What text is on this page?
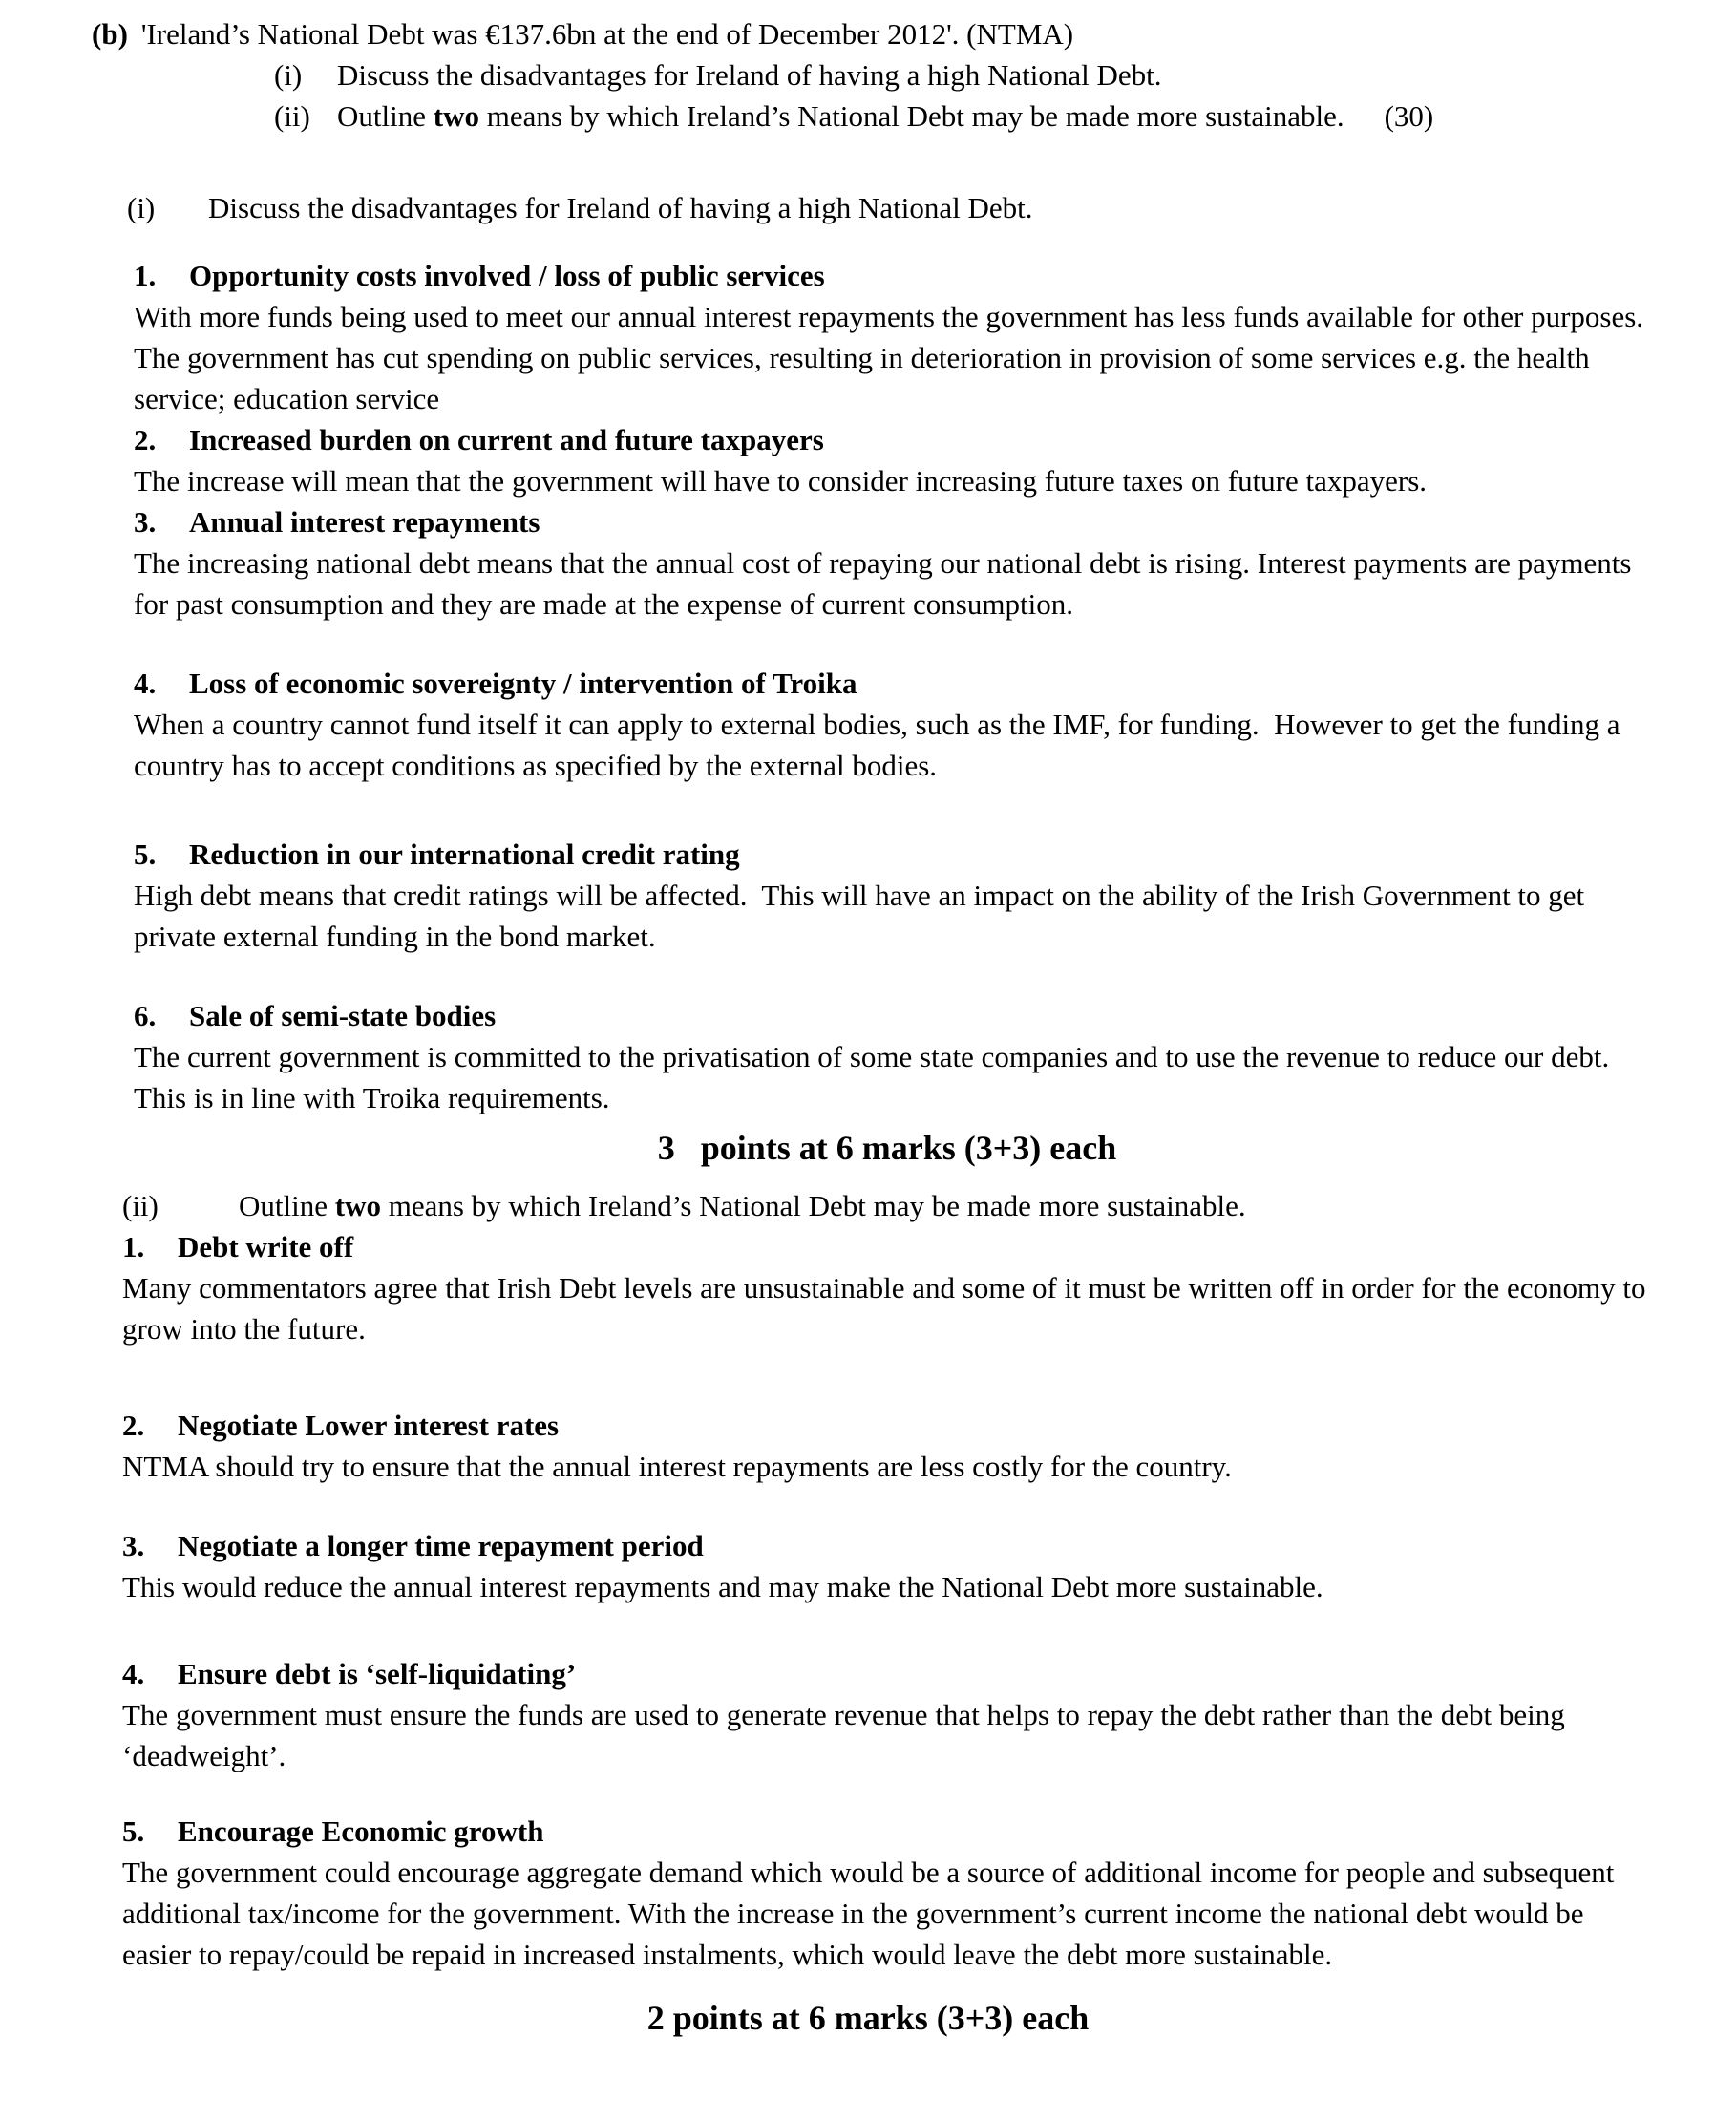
(b) 'Ireland’s National Debt was €137.6bn at the end of December 2012'. (NTMA)
(i)	Discuss the disadvantages for Ireland of having a high National Debt.
(ii) Outline two means by which Ireland’s National Debt may be made more sustainable. (30)
(i)	Discuss the disadvantages for Ireland of having a high National Debt.
1. Opportunity costs involved / loss of public services

With more funds being used to meet our annual interest repayments the government has less funds available for other purposes. The government has cut spending on public services, resulting in deterioration in provision of some services e.g. the health service; education service

2. Increased burden on current and future taxpayers

The increase will mean that the government will have to consider increasing future taxes on future taxpayers.

3. Annual interest repayments

The increasing national debt means that the annual cost of repaying our national debt is rising. Interest payments are payments for past consumption and they are made at the expense of current consumption.

4. Loss of economic sovereignty / intervention of Troika

When a country cannot fund itself it can apply to external bodies, such as the IMF, for funding.  However to get the funding a country has to accept conditions as specified by the external bodies.

5. Reduction in our international credit rating

High debt means that credit ratings will be affected.  This will have an impact on the ability of the Irish Government to get private external funding in the bond market.

6. Sale of semi-state bodies

The current government is committed to the privatisation of some state companies and to use the revenue to reduce our debt. This is in line with Troika requirements.

3   points at 6 marks (3+3) each
(ii)	Outline two means by which Ireland’s National Debt may be made more sustainable.
1. Debt write off

Many commentators agree that Irish Debt levels are unsustainable and some of it must be written off in order for the economy to grow into the future.

2. Negotiate Lower interest rates

NTMA should try to ensure that the annual interest repayments are less costly for the country.

3. Negotiate a longer time repayment period

This would reduce the annual interest repayments and may make the National Debt more sustainable.

4. Ensure debt is ‘self-liquidating’

The government must ensure the funds are used to generate revenue that helps to repay the debt rather than the debt being ‘deadweight’.

5. Encourage Economic growth

The government could encourage aggregate demand which would be a source of additional income for people and subsequent additional tax/income for the government. With the increase in the government’s current income the national debt would be easier to repay/could be repaid in increased instalments, which would leave the debt more sustainable.

2 points at 6 marks (3+3) each
